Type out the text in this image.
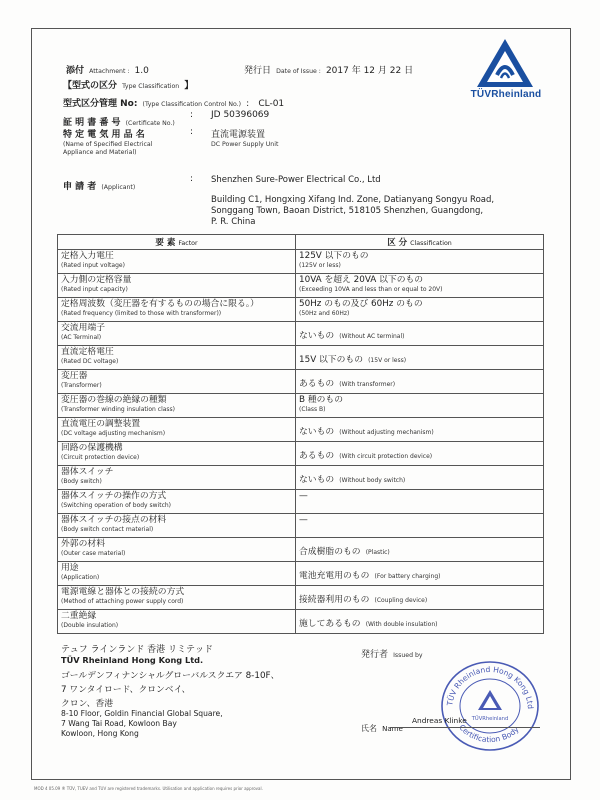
添付 Attachment : 1.0	発行日 Date of Issue : 2017 年 12 月 22 日
TÜVRheinland
【型式の区分 Type Classification 】
型式区分管理 No: (Type Classification Control No.) : CL-01
証 明 書 番 号 (Certificate No.)
: JD 50396069
特 定 電 気 用 品 名
(Name of Specified Electrical
Appliance and Material)
: 直流電源装置
DC Power Supply Unit
申 請 者 (Applicant)
: Shenzhen Sure-Power Electrical Co., Ltd
Building C1, Hongxing Xifang Ind. Zone, Datianyang Songyu Road,
Songgang Town, Baoan District, 518105 Shenzhen, Guangdong,
P. R. China
要 素 Factor	区 分 Classification

定格入力電圧
(Rated input voltage)	125V 以下のもの
(125V or less)

入力側の定格容量
(Rated input capacity)	10VA を超え 20VA 以下のもの
(Exceeding 10VA and less than or equal to 20V)

定格周波数（変圧器を有するものの場合に限る。）
(Rated frequency (limited to those with transformer))	50Hz のもの及び 60Hz のもの
(50Hz and 60Hz)

交流用端子
(AC Terminal)	ないもの (Without AC terminal)

直流定格電圧
(Rated DC voltage)	15V 以下のもの (15V or less)

変圧器
(Transformer)	あるもの (With transformer)

変圧器の巻線の絶縁の種類
(Transformer winding insulation class)	B 種のもの
(Class B)

直流電圧の調整装置
(DC voltage adjusting mechanism)	ないもの (Without adjusting mechanism)

回路の保護機構
(Circuit protection device)	あるもの (With circuit protection device)

器体スイッチ
(Body switch)	ないもの (Without body switch)

器体スイッチの操作の方式
(Switching operation of body switch)	—

器体スイッチの接点の材料
(Body switch contact material)	—

外郭の材料
(Outer case material)	合成樹脂のもの (Plastic)

用途
(Application)	電池充電用のもの (For battery charging)

電源電線と器体との接続の方式
(Method of attaching power supply cord)	接続器利用のもの (Coupling device)

二重絶縁
(Double insulation)	施してあるもの (With double insulation)
テュフ ラインランド 香港 リミテッド
TÜV Rheinland Hong Kong Ltd.
ゴールデンフィナンシャルグローバルスクエア 8-10F、
7 ワンタイロード、クロンベイ、
クロン、香港
8-10 Floor, Goldin Financial Global Square,
7 Wang Tai Road, Kowloon Bay
Kowloon, Hong Kong
発行者 Issued by
TÜV Rheinland Hong Kong Ltd
Certification Body
TÜVRheinland
氏名 Name
Andreas Klinke
MOD 4 05.09 ® TÜV, TUEV and TUV are registered trademarks. Utilisation and application requires prior approval.
